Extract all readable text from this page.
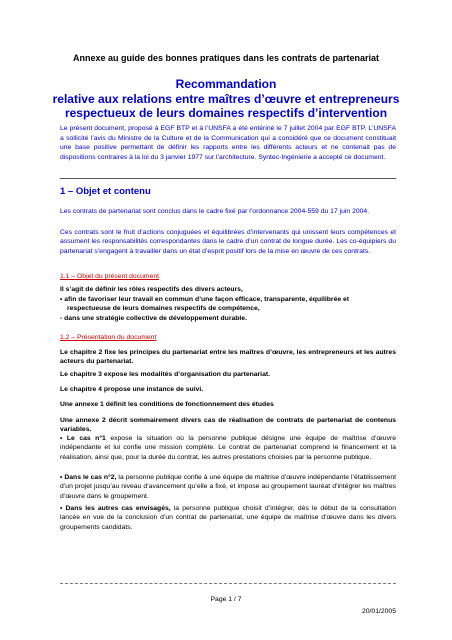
Annexe au guide des bonnes pratiques dans les contrats de partenariat
Recommandation
relative aux relations entre maîtres d’œuvre et entrepreneurs
respectueux de leurs domaines respectifs d’intervention
Le présent document, proposé à EGF BTP et à l’UNSFA a été entériné le 7 juillet 2004 par EGF BTP. L’UNSFA a sollicité l’avis du Ministre de la Culture et de la Communication qui a considéré que ce document constituait une base positive permettant de définir les rapports entre les différents acteurs et ne contenait pas de dispositions contraires à la loi du 3 janvier 1977 sur l’architecture. Syntec-Ingénierie a accepté ce document.
1 – Objet et contenu
Les contrats de partenariat sont conclus dans le cadre fixé par l’ordonnance 2004-559 du 17 juin 2004.
Ces contrats sont le fruit d’actions conjuguées et équilibrées d’intervenants qui unissent leurs compétences et assument les responsabilités correspondantes dans le cadre d’un contrat de longue durée. Les co-équipiers du partenariat s’engagent à travailler dans un état d’esprit positif lors de la mise en œuvre de ces contrats.
1.1 – Objet du présent document
Il s’agit de définir les rôles respectifs des divers acteurs,
• afin de favoriser leur travail en commun d’une façon efficace, transparente, équilibrée et
respectueuse de leurs domaines respectifs de compétence,
- dans une stratégie collective de développement durable.
1.2 – Présentation du document
Le chapitre 2 fixe les principes du partenariat entre les maîtres d’œuvre, les entrepreneurs et les autres acteurs du partenariat.
Le chapitre 3 expose les modalités d’organisation du partenariat.
Le chapitre 4 propose une instance de suivi.
Une annexe 1 définit les conditions de fonctionnement des études
Une annexe 2 décrit sommairement divers cas de réalisation de contrats de partenariat de contenus variables.
• Le cas n°1 expose la situation où la personne publique désigne une équipe de maîtrise d’œuvre indépendante et lui confie une mission complète. Le contrat de partenariat comprend le financement et la réalisation, ainsi que, pour la durée du contrat, les autres prestations choisies par la personne publique.
• Dans le cas n°2, la personne publique confie à une équipe de maîtrise d’œuvre indépendante l’établissement d’un projet jusqu’au niveau d’avancement qu’elle a fixé, et impose au groupement lauréat d’intégrer les maîtres d’œuvre dans le groupement.
• Dans les autres cas envisagés, la personne publique choisit d’intégrer, dès le début de la consultation lancée en vue de la conclusion d’un contrat de partenariat, une équipe de maîtrise d’œuvre dans les divers groupements candidats.
Page 1 / 7
20/01/2005
